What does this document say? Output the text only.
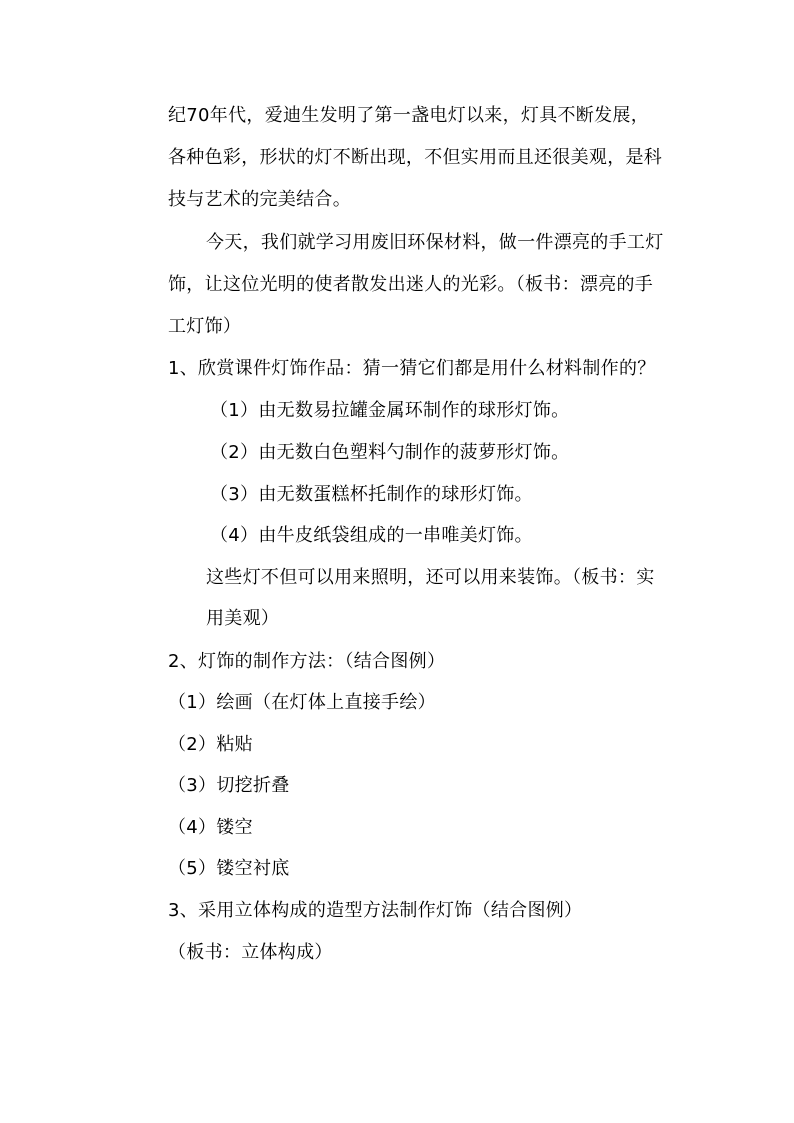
纪70年代，爱迪生发明了第一盏电灯以来，灯具不断发展，
各种色彩，形状的灯不断出现，不但实用而且还很美观，是科
技与艺术的完美结合。
今天，我们就学习用废旧环保材料，做一件漂亮的手工灯
饰，让这位光明的使者散发出迷人的光彩。（板书：漂亮的手
工灯饰）
1、欣赏课件灯饰作品：猜一猜它们都是用什么材料制作的？
（1）由无数易拉罐金属环制作的球形灯饰。
（2）由无数白色塑料勺制作的菠萝形灯饰。
（3）由无数蛋糕杯托制作的球形灯饰。
（4）由牛皮纸袋组成的一串唯美灯饰。
这些灯不但可以用来照明，还可以用来装饰。（板书：实
用美观）
2、灯饰的制作方法：（结合图例）
（1）绘画（在灯体上直接手绘）
（2）粘贴
（3）切挖折叠
（4）镂空
（5）镂空衬底
3、采用立体构成的造型方法制作灯饰（结合图例）
（板书：立体构成）
